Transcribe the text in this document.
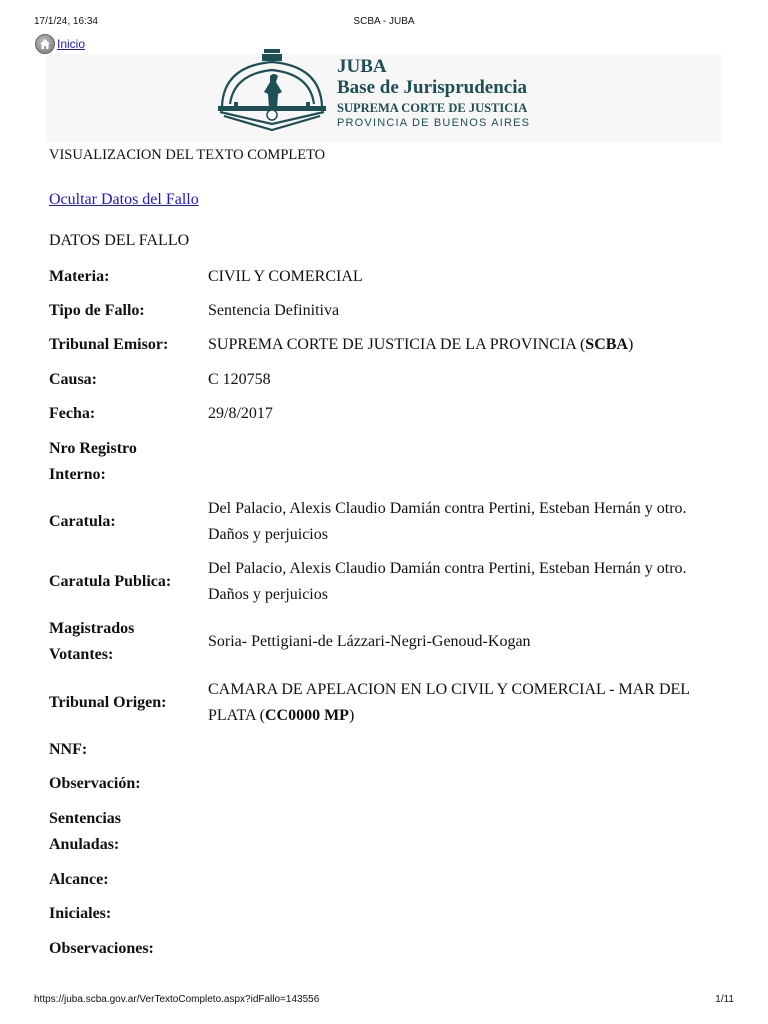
17/1/24, 16:34	SCBA - JUBA
Inicio
JUBA
Base de Jurisprudencia
SUPREMA CORTE DE JUSTICIA
PROVINCIA DE BUENOS AIRES
VISUALIZACION DEL TEXTO COMPLETO
Ocultar Datos del Fallo
DATOS DEL FALLO
Materia:	CIVIL Y COMERCIAL
Tipo de Fallo:	Sentencia Definitiva
Tribunal Emisor:	SUPREMA CORTE DE JUSTICIA DE LA PROVINCIA (SCBA)
Causa:	C 120758
Fecha:	29/8/2017
Nro Registro
Interno:
Caratula:
Del Palacio, Alexis Claudio Damián contra Pertini, Esteban Hernán y otro. Daños y perjuicios
Caratula Publica:
Del Palacio, Alexis Claudio Damián contra Pertini, Esteban Hernán y otro. Daños y perjuicios
Magistrados
Votantes:
Soria- Pettigiani-de Lázzari-Negri-Genoud-Kogan
Tribunal Origen:
CAMARA DE APELACION EN LO CIVIL Y COMERCIAL - MAR DEL PLATA (CC0000 MP)
NNF:
Observación:
Sentencias
Anuladas:
Alcance:
Iniciales:
Observaciones:
https://juba.scba.gov.ar/VerTextoCompleto.aspx?idFallo=143556	1/11
